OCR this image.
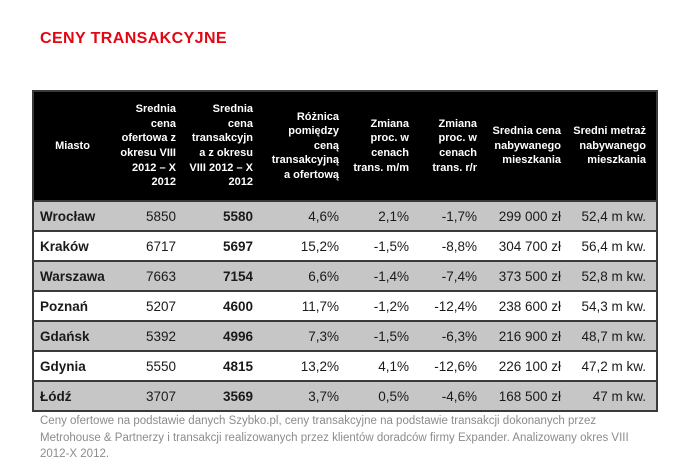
CENY TRANSAKCYJNE
Miasto	Srednia cena ofertowa z okresu VIII 2012 – X 2012	Srednia cena transakcyjna z okresu VIII 2012 – X 2012	Różnica pomiędzy ceną transakcyjną a ofertową	Zmiana proc. w cenach trans. m/m	Zmiana proc. w cenach trans. r/r	Srednia cena nabywanego mieszkania	Sredni metraż nabywanego mieszkania
Wrocław	5850	5580	4,6%	2,1%	-1,7%	299 000 zł	52,4 m kw.
Kraków	6717	5697	15,2%	-1,5%	-8,8%	304 700 zł	56,4 m kw.
Warszawa	7663	7154	6,6%	-1,4%	-7,4%	373 500 zł	52,8 m kw.
Poznań	5207	4600	11,7%	-1,2%	-12,4%	238 600 zł	54,3 m kw.
Gdańsk	5392	4996	7,3%	-1,5%	-6,3%	216 900 zł	48,7 m kw.
Gdynia	5550	4815	13,2%	4,1%	-12,6%	226 100 zł	47,2 m kw.
Łódź	3707	3569	3,7%	0,5%	-4,6%	168 500 zł	47 m kw.
Ceny ofertowe na podstawie danych Szybko.pl, ceny transakcyjne na podstawie transakcji dokonanych przez Metrohouse & Partnerzy i transakcji realizowanych przez klientów doradców firmy Expander. Analizowany okres VIII 2012-X 2012.
